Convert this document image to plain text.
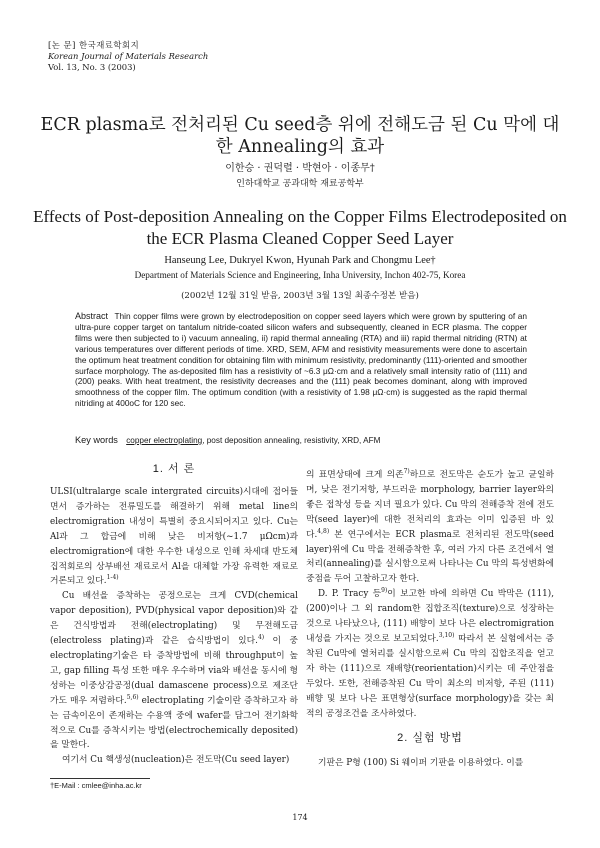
[논 문] 한국재료학회지
Korean Journal of Materials Research
Vol. 13, No. 3 (2003)
ECR plasma로 전처리된 Cu seed층 위에 전해도금 된 Cu 막에 대한 Annealing의 효과
이한승 · 권덕렬 · 박현아 · 이종무†
인하대학교 공과대학 재료공학부
Effects of Post-deposition Annealing on the Copper Films Electrodeposited on the ECR Plasma Cleaned Copper Seed Layer
Hanseung Lee, Dukryel Kwon, Hyunah Park and Chongmu Lee†
Department of Materials Science and Engineering, Inha University, Inchon 402-75, Korea
(2002년 12월 31일 받음, 2003년 3월 13일 최종수정본 받음)
Abstract Thin copper films were grown by electrodeposition on copper seed layers which were grown by sputtering of an ultra-pure copper target on tantalum nitride-coated silicon wafers and subsequently, cleaned in ECR plasma. The copper films were then subjected to i) vacuum annealing, ii) rapid thermal annealing (RTA) and iii) rapid thermal nitriding (RTN) at various temperatures over different periods of time. XRD, SEM, AFM and resistivity measurements were done to ascertain the optimum heat treatment condition for obtaining film with minimum resistivity, predominantly (111)-oriented and smoother surface morphology. The as-deposited film has a resistivity of ~6.3 μΩ·cm and a relatively small intensity ratio of (111) and (200) peaks. With heat treatment, the resistivity decreases and the (111) peak becomes dominant, along with improved smoothness of the copper film. The optimum condition (with a resistivity of 1.98 μΩ·cm) is suggested as the rapid thermal nitriding at 400oC for 120 sec.
Key words copper electroplating, post deposition annealing, resistivity, XRD, AFM
1. 서 론

ULSI(ultralarge scale intergrated circuits)시대에 접어들면서 증가하는 전류밀도를 해결하기 위해 metal line의 electromigration 내성이 특별히 중요시되어지고 있다. Cu는 Al과 그 합금에 비해 낮은 비저항(~1.7 μΩcm)과 electromigration에 대한 우수한 내성으로 인해 차세대 반도체 집적회로의 상부배선 재료로서 Al을 대체할 가장 유력한 재료로 거론되고 있다.$^{1-4)}$

Cu 배선을 증착하는 공정으로는 크게 CVD(chemical vapor deposition), PVD(physical vapor deposition)와 같은 건식방법과 전해(electroplating) 및 무전해도금(electroless plating)과 같은 습식방법이 있다.$^{4)}$ 이 중 electroplating기술은 타 증착방법에 비해 throughput이 높고, gap filling 특성 또한 매우 우수하며 via와 배선을 동시에 형성하는 이중상감공정(dual damascene process)으로 제조단가도 매우 저렴하다.$^{5,6)}$ electroplating 기술이란 증착하고자 하는 금속이온이 존재하는 수용액 중에 wafer를 담그어 전기화학적으로 Cu를 증착시키는 방법(electrochemically deposited)을 말한다.

여기서 Cu 핵생성(nucleation)은 전도막(Cu seed layer)

의 표면상태에 크게 의존$^{7)}$하므로 전도막은 순도가 높고 균일하며, 낮은 전기저항, 부드러운 morphology, barrier layer와의 좋은 접착성 등을 지녀 필요가 있다. Cu 막의 전해증착 전에 전도막(seed layer)에 대한 전처리의 효과는 이미 입증된 바 있다.$^{4,8)}$ 본 연구에서는 ECR plasma로 전처리된 전도막(seed layer)위에 Cu 막을 전해증착한 후, 여러 가지 다른 조건에서 열처리(annealing)를 실시함으로써 나타나는 Cu 막의 특성변화에 중점을 두어 고찰하고자 한다.

D. P. Tracy 등$^{9)}$이 보고한 바에 의하면 Cu 박막은 (111), (200)이나 그 외 random한 집합조직(texture)으로 성장하는 것으로 나타났으나, (111) 배향이 보다 나은 electromigration 내성을 가지는 것으로 보고되었다.$^{3,10)}$ 따라서 본 실험에서는 증착된 Cu막에 열처리를 실시함으로써 Cu 막의 집합조직을 얻고자 하는 (111)으로 재배향(reorientation)시키는 데 주안점을 두었다. 또한, 전해증착된 Cu 막이 최소의 비저항, 주된 (111) 배향 및 보다 나은 표면형상(surface morphology)을 갖는 최적의 공정조건을 조사하였다.

2. 실험 방법

기판은 P형 (100) Si 웨이퍼 기판을 이용하였다. 이를

†E-Mail : cmlee@inha.ac.kr
174
